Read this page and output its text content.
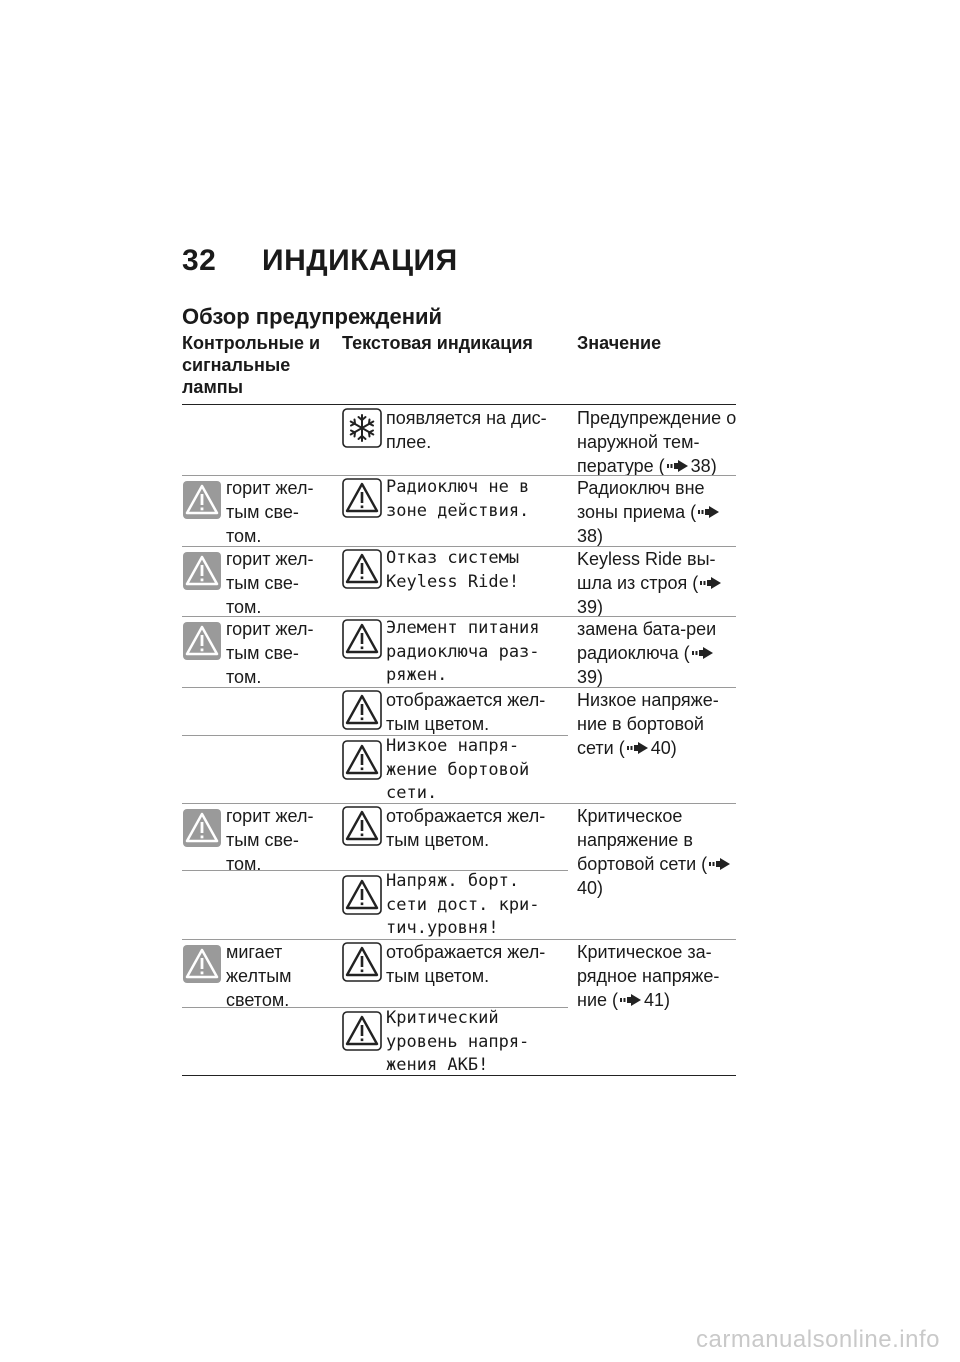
32 ИНДИКАЦИЯ
Обзор предупреждений
Контрольные и сигнальные лампы
Текстовая индикация	Значение
появляется на дис-плее.
Предупреждение о наружной тем-пературе ( 38)
горит жел-тым све-том.
Радиоключ не в зоне действия.
Радиоключ вне зоны приема (38)
горит жел-тым све-том.
Отказ системы Keyless Ride!
Keyless Ride вы-шла из строя (39)
горит жел-тым све-том.
Элемент питания радиоключа раз-ряжен.
замена бата-реи радиоключа (39)
отображается жел-тым цветом.
Низкое напряже-ние в бортовой сети ( 40)
Низкое напря-жение бортовой сети.
горит жел-тым све-том.
отображается жел-тым цветом.
Критическое напряжение в бортовой сети (40)
Напряж. борт. сети дост. кри-тич.уровня!
мигает желтым светом.
отображается жел-тым цветом.
Критическое за-рядное напряже-ние ( 41)
Критический уровень напря-жения АКБ!
carmanualsonline.info
